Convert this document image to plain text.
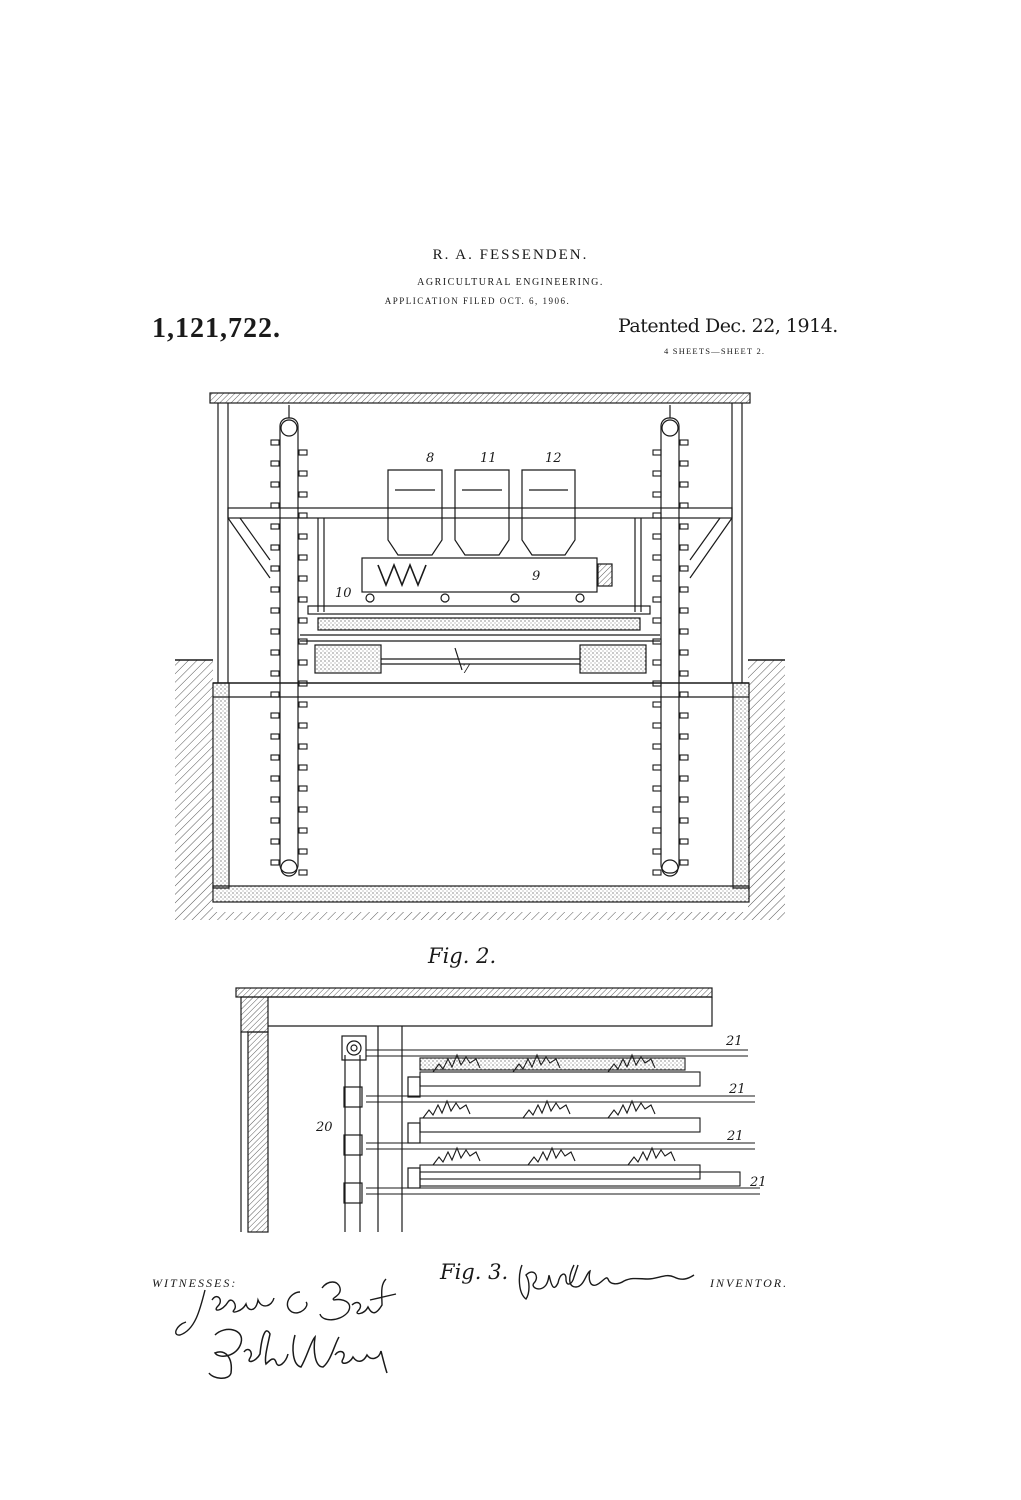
R. A. FESSENDEN.
AGRICULTURAL ENGINEERING.
APPLICATION FILED OCT. 6, 1906.
1,121,722.	Patented Dec. 22, 1914.
4 SHEETS—SHEET 2.
8	11	12
9
10
7
20
21
21
21
21
Fig. 2.
Fig. 3.
WITNESSES:	INVENTOR.
